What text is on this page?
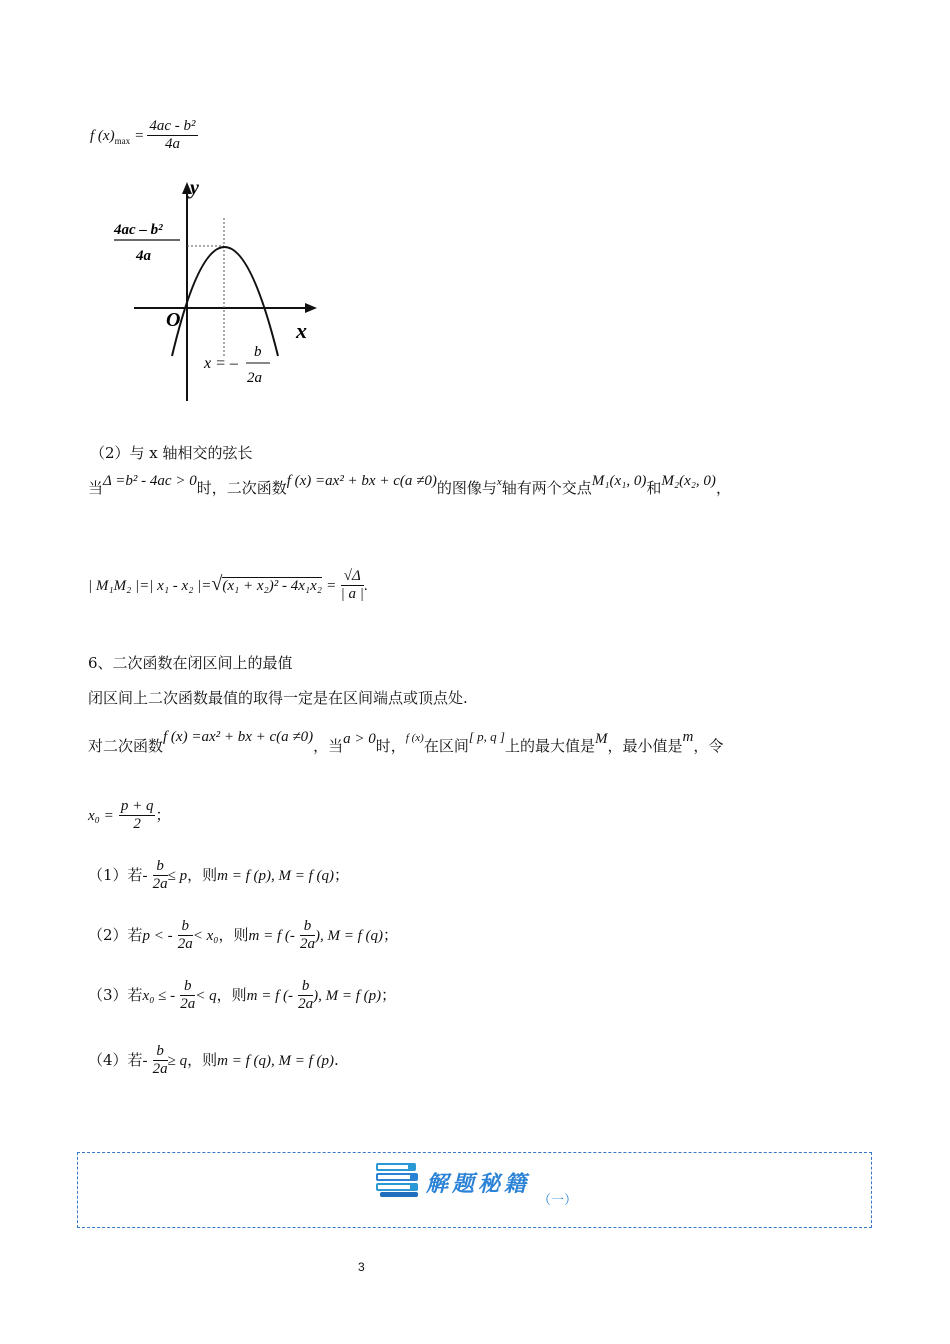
f $(x)_{max} = \frac{\text{4ac - b²}}{4a}$
y
x
O
4ac – b²
4a
x = –
b
2a
（2）与 x 轴相交的弦长
当Δ =b² - 4ac > 0时，二次函数f (x) =ax² + bx + c(a ≠0)的图像与$^x$轴有两个交点M₁(x₁, 0)和M₂(x₂, 0)，
| M₁M₂ |=| x₁ - x₂ $|=√(x_1 + x_2)^2 - 4x_1x_2 = \frac{√\Delta}{| a |}$ .
6、二次函数在闭区间上的最值
闭区间上二次函数最值的取得一定是在区间端点或顶点处.
对二次函数f (x) =ax² + bx + c(a ≠0)，当a > 0时，$^{f (x)}$在区间[ p, q ]上的最大值是M，最小值是m，令
$x_0 = \frac{p + q}{2}$ ；
（1）若- $\frac{b}{2a} \le p$，则m = f (p), M = f (q)；
（2）若p < - $\frac{b}{2a} < x_0$，则m = f (- $\frac{b}{2a}$ ), M = f (q)；
（3）若x₀ ≤ - $\frac{b}{2a} < q$，则m = f (- $\frac{b}{2a}$ ), M = f (p)；
（4）若- $\frac{b}{2a} \ge q$，则m = f (q), M = f (p).
解题秘籍
（一）
3
